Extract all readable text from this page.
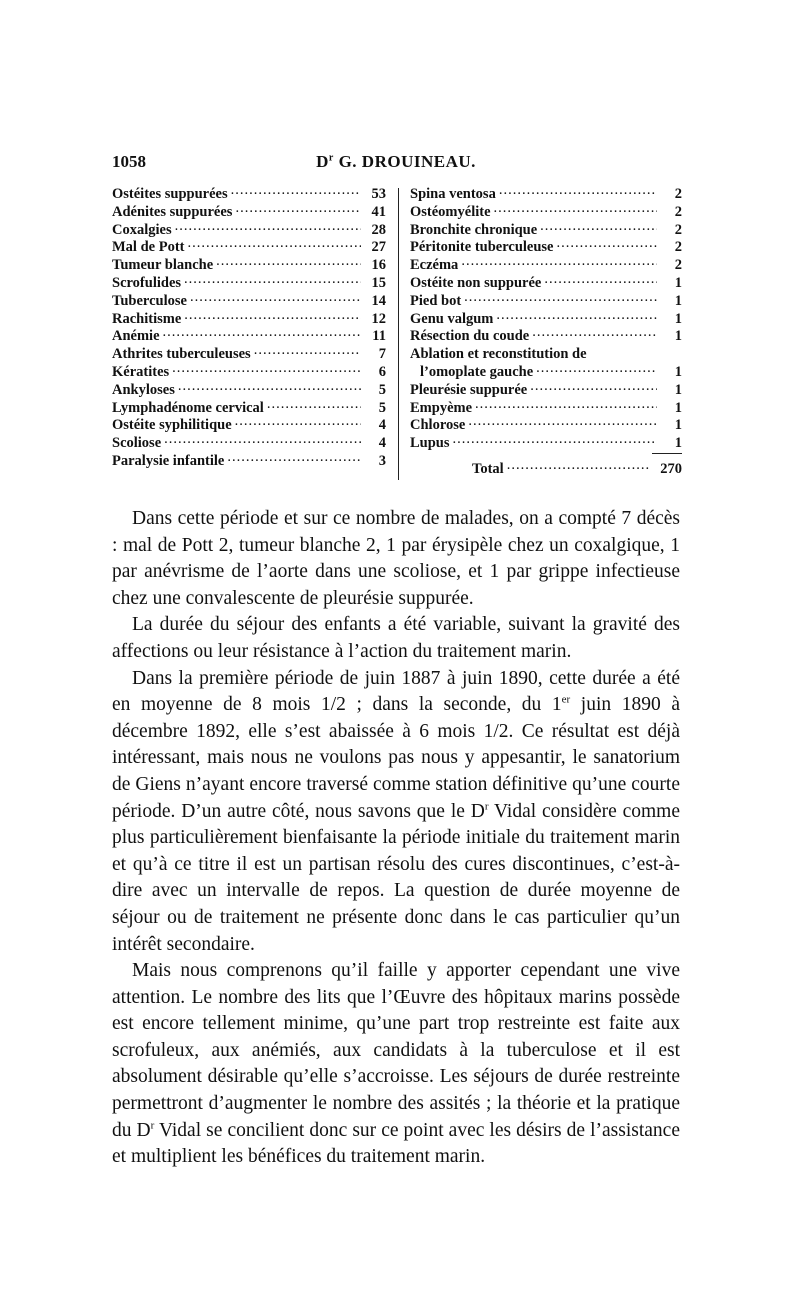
1058	$D^r$ G. DROUINEAU.
Ostéites suppurées .....	53
Adénites suppurées .....	41
Coxalgies .....	28
Mal de Pott .....	27
Tumeur blanche .....	16
Scrofulides .....	15
Tuberculose .....	14
Rachitisme .....	12
Anémie .....	11
Athrites tuberculeuses .....	7
Kératites .....	6
Ankyloses .....	5
Lymphadénome cervical .....	5
Ostéite syphilitique .....	4
Scoliose .....	4
Paralysie infantile .....	3
Spina ventosa .....	2
Ostéomyélite .....	2
Bronchite chronique .....	2
Péritonite tuberculeuse .....	2
Eczéma .....	2
Ostéite non suppurée .....	1
Pied bot .....	1
Genu valgum .....	1
Résection du coude .....	1
Ablation et reconstitution de
l’omoplate gauche .....	1
Pleurésie suppurée .....	1
Empyème .....	1
Chlorose .....	1
Lupus .....	1
Total .....	270

Dans cette période et sur ce nombre de malades, on a compté 7 décès : mal de Pott 2, tumeur blanche 2, 1 par érysipèle chez un coxalgique, 1 par anévrisme de l’aorte dans une scoliose, et 1 par grippe infectieuse chez une convalescente de pleurésie suppurée.

La durée du séjour des enfants a été variable, suivant la gravité des affections ou leur résistance à l’action du traitement marin.

Dans la première période de juin 1887 à juin 1890, cette durée a été en moyenne de 8 mois 1/2 ; dans la seconde, du 1er juin 1890 à décembre 1892, elle s’est abaissée à 6 mois 1/2. Ce résultat est déjà intéressant, mais nous ne voulons pas nous y appesantir, le sanatorium de Giens n’ayant encore traversé comme station définitive qu’une courte période. D’un autre côté, nous savons que le $D^r$ Vidal considère comme plus particulièrement bienfaisante la période initiale du traitement marin et qu’à ce titre il est un partisan résolu des cures discontinues, c’est-à-dire avec un intervalle de repos. La question de durée moyenne de séjour ou de traitement ne présente donc dans le cas particulier qu’un intérêt secondaire.

Mais nous comprenons qu’il faille y apporter cependant une vive attention. Le nombre des lits que l’Œuvre des hôpitaux marins possède est encore tellement minime, qu’une part trop restreinte est faite aux scrofuleux, aux anémiés, aux candidats à la tuberculose et il est absolument désirable qu’elle s’accroisse. Les séjours de durée restreinte permettront d’augmenter le nombre des assités ; la théorie et la pratique du $D^r$ Vidal se concilient donc sur ce point avec les désirs de l’assistance et multiplient les bénéfices du traitement marin.
